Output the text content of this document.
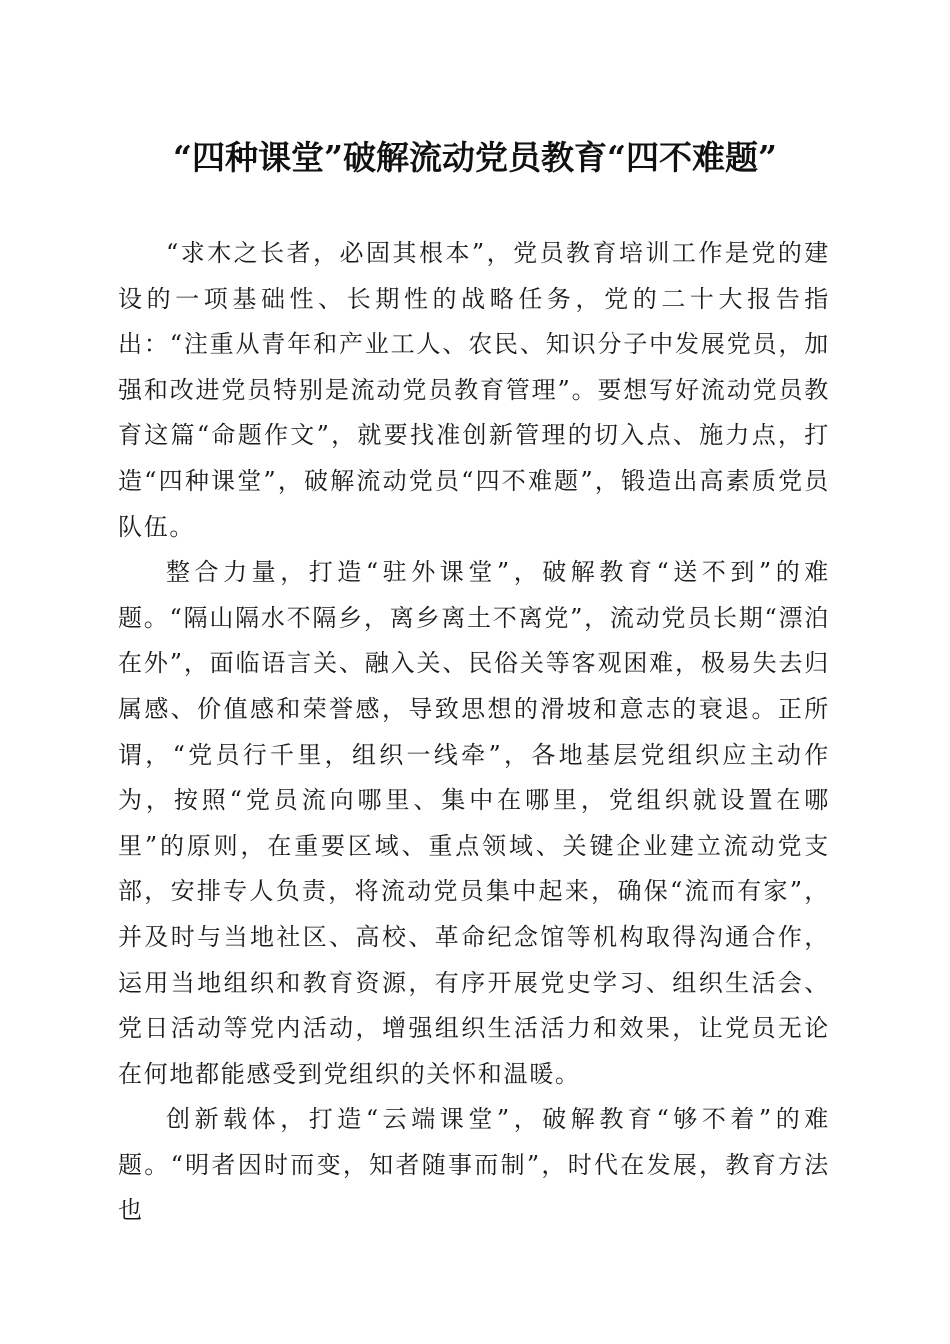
“四种课堂”破解流动党员教育“四不难题”

“求木之长者，必固其根本”，党员教育培训工作是党的建设的一项基础性、长期性的战略任务，党的二十大报告指出：“注重从青年和产业工人、农民、知识分子中发展党员，加强和改进党员特别是流动党员教育管理”。要想写好流动党员教育这篇“命题作文”，就要找准创新管理的切入点、施力点，打造“四种课堂”，破解流动党员“四不难题”，锻造出高素质党员队伍。

整合力量，打造“驻外课堂”，破解教育“送不到”的难题。“隔山隔水不隔乡，离乡离土不离党”，流动党员长期“漂泊在外”，面临语言关、融入关、民俗关等客观困难，极易失去归属感、价值感和荣誉感，导致思想的滑坡和意志的衰退。正所谓，“党员行千里，组织一线牵”，各地基层党组织应主动作为，按照“党员流向哪里、集中在哪里，党组织就设置在哪里”的原则，在重要区域、重点领域、关键企业建立流动党支部，安排专人负责，将流动党员集中起来，确保“流而有家”，并及时与当地社区、高校、革命纪念馆等机构取得沟通合作，运用当地组织和教育资源，有序开展党史学习、组织生活会、党日活动等党内活动，增强组织生活活力和效果，让党员无论在何地都能感受到党组织的关怀和温暖。

创新载体，打造“云端课堂”，破解教育“够不着”的难题。“明者因时而变，知者随事而制”，时代在发展，教育方法也
